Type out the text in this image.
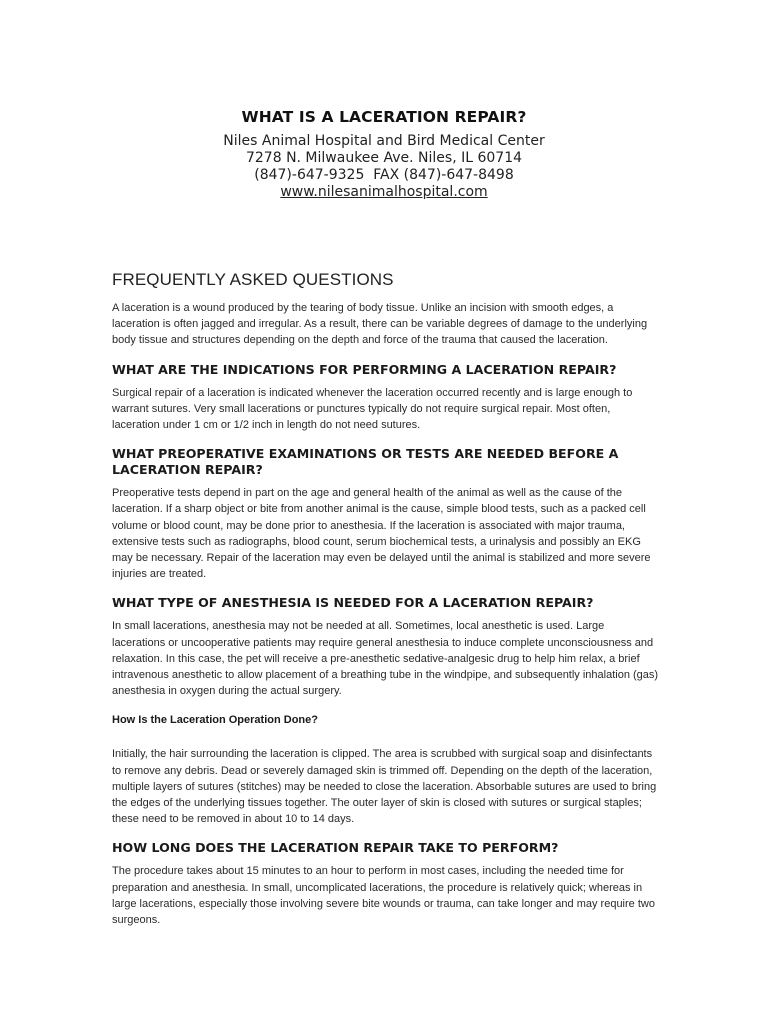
WHAT IS A LACERATION REPAIR?
Niles Animal Hospital and Bird Medical Center
7278 N. Milwaukee Ave. Niles, IL 60714
(847)-647-9325  FAX (847)-647-8498
www.nilesanimalhospital.com
FREQUENTLY ASKED QUESTIONS

A laceration is a wound produced by the tearing of body tissue. Unlike an incision with smooth edges, a laceration is often jagged and irregular. As a result, there can be variable degrees of damage to the underlying body tissue and structures depending on the depth and force of the trauma that caused the laceration.

WHAT ARE THE INDICATIONS FOR PERFORMING A LACERATION REPAIR?

Surgical repair of a laceration is indicated whenever the laceration occurred recently and is large enough to warrant sutures. Very small lacerations or punctures typically do not require surgical repair. Most often, laceration under 1 cm or 1/2 inch in length do not need sutures.

WHAT PREOPERATIVE EXAMINATIONS OR TESTS ARE NEEDED BEFORE A LACERATION REPAIR?

Preoperative tests depend in part on the age and general health of the animal as well as the cause of the laceration. If a sharp object or bite from another animal is the cause, simple blood tests, such as a packed cell volume or blood count, may be done prior to anesthesia. If the laceration is associated with major trauma, extensive tests such as radiographs, blood count, serum biochemical tests, a urinalysis and possibly an EKG may be necessary. Repair of the laceration may even be delayed until the animal is stabilized and more severe injuries are treated.

WHAT TYPE OF ANESTHESIA IS NEEDED FOR A LACERATION REPAIR?

In small lacerations, anesthesia may not be needed at all. Sometimes, local anesthetic is used. Large lacerations or uncooperative patients may require general anesthesia to induce complete unconsciousness and relaxation. In this case, the pet will receive a pre-anesthetic sedative-analgesic drug to help him relax, a brief intravenous anesthetic to allow placement of a breathing tube in the windpipe, and subsequently inhalation (gas) anesthesia in oxygen during the actual surgery.

How Is the Laceration Operation Done?

Initially, the hair surrounding the laceration is clipped. The area is scrubbed with surgical soap and disinfectants to remove any debris. Dead or severely damaged skin is trimmed off. Depending on the depth of the laceration, multiple layers of sutures (stitches) may be needed to close the laceration. Absorbable sutures are used to bring the edges of the underlying tissues together. The outer layer of skin is closed with sutures or surgical staples; these need to be removed in about 10 to 14 days.

HOW LONG DOES THE LACERATION REPAIR TAKE TO PERFORM?

The procedure takes about 15 minutes to an hour to perform in most cases, including the needed time for preparation and anesthesia. In small, uncomplicated lacerations, the procedure is relatively quick; whereas in large lacerations, especially those involving severe bite wounds or trauma, can take longer and may require two surgeons.
